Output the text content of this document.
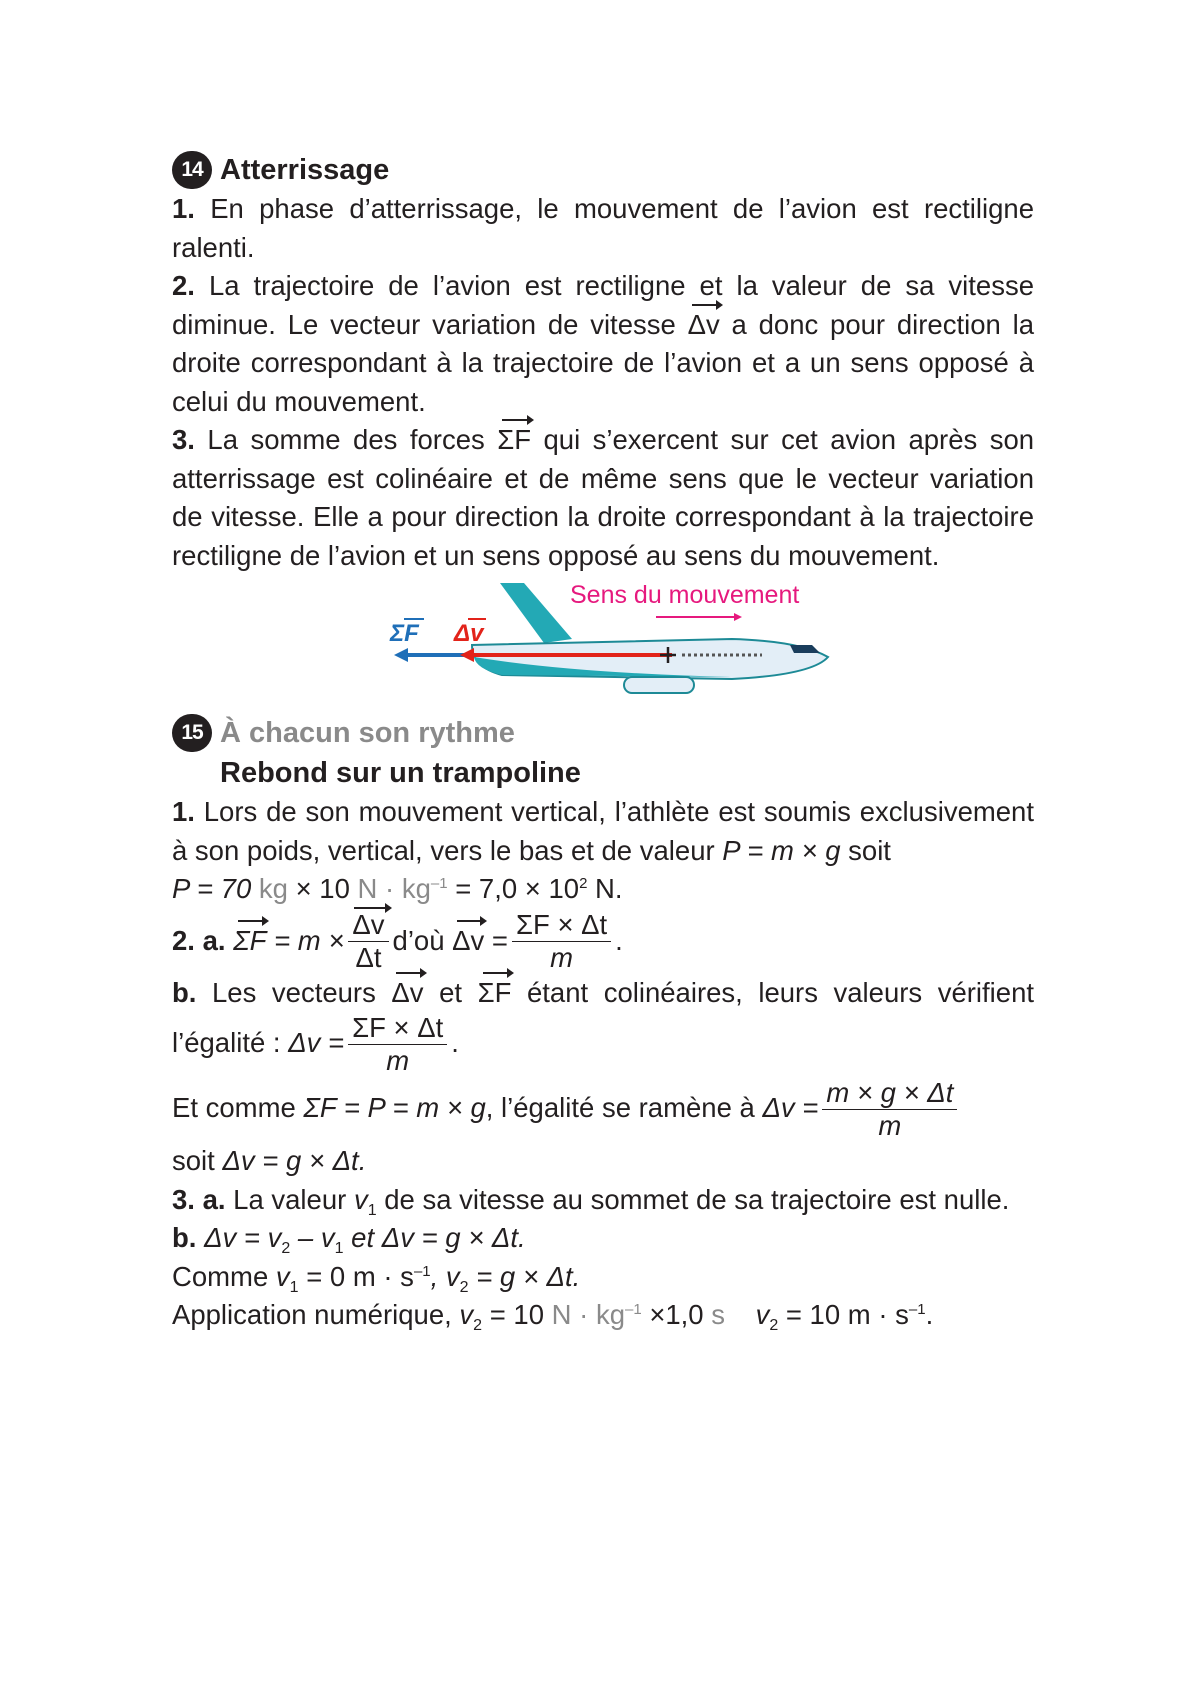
14 Atterrissage

1. En phase d’atterrissage, le mouvement de l’avion est rectiligne ralenti.

2. La trajectoire de l’avion est rectiligne et la valeur de sa vitesse diminue. Le vecteur variation de vitesse Δv a donc pour direction la droite correspondant à la trajectoire de l’avion et a un sens opposé à celui du mouvement.

3. La somme des forces ΣF qui s’exercent sur cet avion après son atterrissage est colinéaire et de même sens que le vecteur variation de vitesse. Elle a pour direction la droite correspondant à la trajectoire rectiligne de l’avion et un sens opposé au sens du mouvement.

Sens du mouvement
ΣF Δv
15 À chacun son rythme
Rebond sur un trampoline

1. Lors de son mouvement vertical, l’athlète est soumis exclusivement à son poids, vertical, vers le bas et de valeur P = m × g soit
P = 70 kg × 10 $N \cdot kg^{-1} = 7,0 \times 10^2$ N.

2. a.
ΣF
= $m \times \frac{\Delta v}{\Delta t}$ d’où
$\Delta v = \frac{\Sigma F \times \Delta t}{m}$ .

b. Les vecteurs Δv et ΣF étant colinéaires, leurs valeurs vérifient l’égalité : $\Delta v = \frac{\Sigma F \times \Delta t}{m}$ .

Et comme ΣF = P = m × g, l’égalité se ramène à $\Delta v = \frac{m \times g \times \Delta t}{m}$

soit Δv = g × Δt.

3. a. La valeur $v_1$ de sa vitesse au sommet de sa trajectoire est nulle.

b. $\Delta v = v_2 - v_1$ et Δv = g × Δt.

Comme $v_1 = 0$ $m \cdot s^{-1}$, $v_2 = g \times \Delta t$.

Application numérique, $v_2 = 10$ $N \cdot kg^{-1} \times 1,0$ s $v_2 = 10$ $m \cdot s^{-1}$.
